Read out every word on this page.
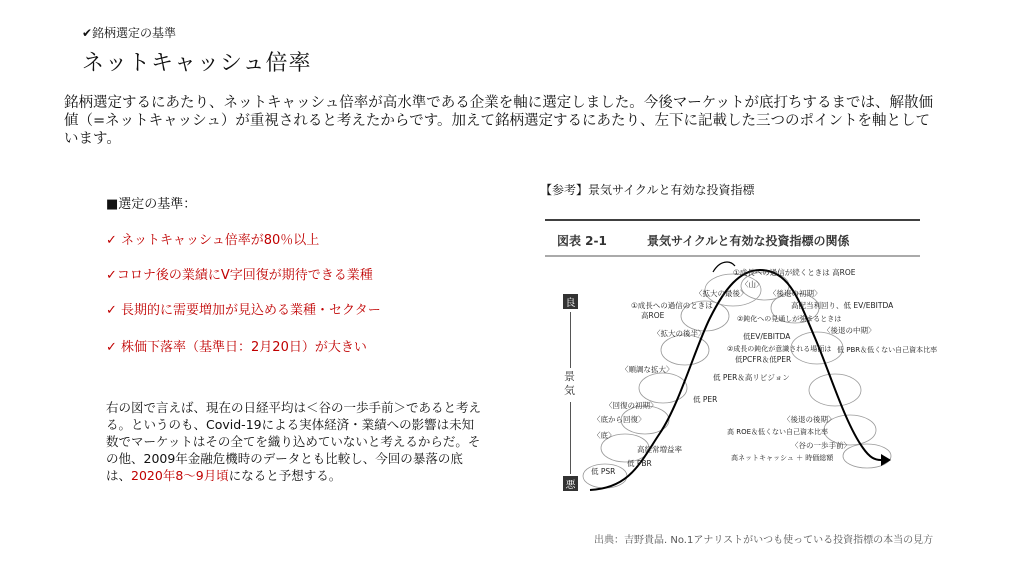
✔銘柄選定の基準
ネットキャッシュ倍率
銘柄選定するにあたり、ネットキャッシュ倍率が高水準である企業を軸に選定しました。今後マーケットが底打ちするまでは、解散価値（=ネットキャッシュ）が重視されると考えたからです。加えて銘柄選定するにあたり、左下に記載した三つのポイントを軸としています。
■選定の基準：
✓ ネットキャッシュ倍率が80％以上
✓コロナ後の業績にV字回復が期待できる業種
✓ 長期的に需要増加が見込める業種・セクター
✓ 株価下落率（基準日：2月20日）が大きい
右の図で言えば、現在の日経平均は＜谷の一歩手前＞であると考える。というのも、Covid-19による実体経済・業績への影響は未知数でマーケットはその全てを織り込めていないと考えるからだ。その他、2009年金融危機時のデータとも比較し、今回の暴落の底は、2020年8〜9月頃になると予想する。
【参考】景気サイクルと有効な投資指標
図表 2-1	景気サイクルと有効な投資指標の関係
良
景
気
悪
①成長への過信が続くときは 高ROE
〈山〉
〈拡大の最後〉	〈後退の初期〉
高配当利回り、低 EV/EBITDA
①成長への過信のときは
高ROE	②鈍化への見通しが強まるときは
低EV/EBITDA
〈拡大の後半〉	〈後退の中期〉
②成長の鈍化が意識される場面は
低PCFR＆低PER
低 PBR＆低くない自己資本比率
〈順調な拡大〉
低 PER＆高リビジョン
〈回復の初期〉
低 PER
〈底から回復〉	〈後退の後期〉
高 ROE＆低くない自己資本比率
〈底〉
高経常増益率	〈谷の一歩手前〉
高ネットキャッシュ ＋ 時価総額
低 PBR
低 PSR
出典：吉野貴晶. No.1アナリストがいつも使っている投資指標の本当の見方
